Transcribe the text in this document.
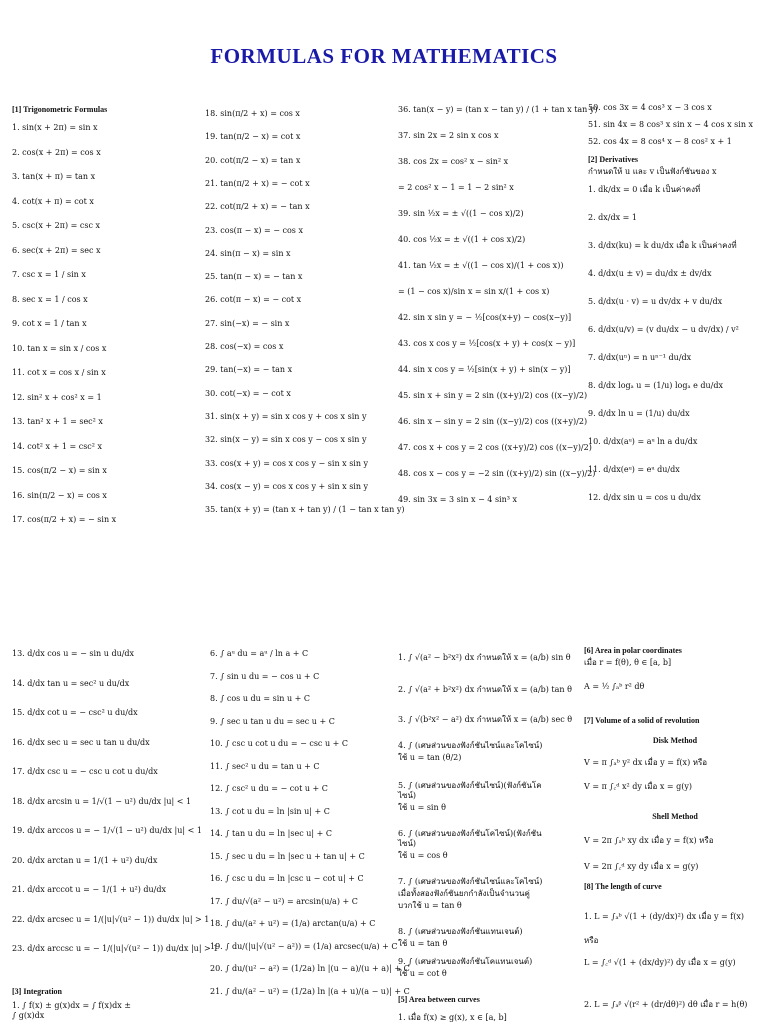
FORMULAS FOR MATHEMATICS
[1] Trigonometric Formulas
1. sin(x + 2π) = sin x
2. cos(x + 2π) = cos x
3. tan(x + π) = tan x
4. cot(x + π) = cot x
5. csc(x + 2π) = csc x
6. sec(x + 2π) = sec x
7. csc x = 1 / sin x
8. sec x = 1 / cos x
9. cot x = 1 / tan x
10. tan x = sin x / cos x
11. cot x = cos x / sin x
12. sin² x + cos² x = 1
13. tan² x + 1 = sec² x
14. cot² x + 1 = csc² x
15. cos(π/2 − x) = sin x
16. sin(π/2 − x) = cos x
17. cos(π/2 + x) = − sin x
18. sin(π/2 + x) = cos x
19. tan(π/2 − x) = cot x
20. cot(π/2 − x) = tan x
21. tan(π/2 + x) = − cot x
22. cot(π/2 + x) = − tan x
23. cos(π − x) = − cos x
24. sin(π − x) = sin x
25. tan(π − x) = − tan x
26. cot(π − x) = − cot x
27. sin(−x) = − sin x
28. cos(−x) = cos x
29. tan(−x) = − tan x
30. cot(−x) = − cot x
31. sin(x + y) = sin x cos y + cos x sin y
32. sin(x − y) = sin x cos y − cos x sin y
33. cos(x + y) = cos x cos y − sin x sin y
34. cos(x − y) = cos x cos y + sin x sin y
35. tan(x + y) = (tan x + tan y) / (1 − tan x tan y)
36. tan(x − y) = (tan x − tan y) / (1 + tan x tan y)
37. sin 2x = 2 sin x cos x
38. cos 2x = cos² x − sin² x
= 2 cos² x − 1 = 1 − 2 sin² x
39. sin ½x = ± √((1 − cos x)/2)
40. cos ½x = ± √((1 + cos x)/2)
41. tan ½x = ± √((1 − cos x)/(1 + cos x))
= (1 − cos x)/sin x = sin x/(1 + cos x)
42. sin x sin y = − ½[cos(x+y) − cos(x−y)]
43. cos x cos y = ½[cos(x + y) + cos(x − y)]
44. sin x cos y = ½[sin(x + y) + sin(x − y)]
45. sin x + sin y = 2 sin ((x+y)/2) cos ((x−y)/2)
46. sin x − sin y = 2 sin ((x−y)/2) cos ((x+y)/2)
47. cos x + cos y = 2 cos ((x+y)/2) cos ((x−y)/2)
48. cos x − cos y = −2 sin ((x+y)/2) sin ((x−y)/2)
49. sin 3x = 3 sin x − 4 sin³ x
50. cos 3x = 4 cos³ x − 3 cos x
51. sin 4x = 8 cos³ x sin x − 4 cos x sin x
52. cos 4x = 8 cos⁴ x − 8 cos² x + 1
[2] Derivatives
กำหนดให้ u และ v เป็นฟังก์ชันของ x
1. dk/dx = 0 เมื่อ k เป็นค่าคงที่
2. dx/dx = 1
3. d/dx(ku) = k du/dx เมื่อ k เป็นค่าคงที่
4. d/dx(u ± v) = du/dx ± dv/dx
5. d/dx(u · v) = u dv/dx + v du/dx
6. d/dx(u/v) = (v du/dx − u dv/dx) / v²
7. d/dx(uⁿ) = n uⁿ⁻¹ du/dx
8. d/dx logₐ u = (1/u) logₐ e du/dx
9. d/dx ln u = (1/u) du/dx
10. d/dx(aᵘ) = aᵘ ln a du/dx
11. d/dx(eᵘ) = eᵘ du/dx
12. d/dx sin u = cos u du/dx
13. d/dx cos u = − sin u du/dx
14. d/dx tan u = sec² u du/dx
15. d/dx cot u = − csc² u du/dx
16. d/dx sec u = sec u tan u du/dx
17. d/dx csc u = − csc u cot u du/dx
18. d/dx arcsin u = 1/√(1 − u²) du/dx |u| < 1
19. d/dx arccos u = − 1/√(1 − u²) du/dx |u| < 1
20. d/dx arctan u = 1/(1 + u²) du/dx
21. d/dx arccot u = − 1/(1 + u²) du/dx
22. d/dx arcsec u = 1/(|u|√(u² − 1)) du/dx |u| > 1
23. d/dx arccsc u = − 1/(|u|√(u² − 1)) du/dx |u| > 1
[3] Integration
1. ∫ f(x) ± g(x)dx = ∫ f(x)dx ±
∫ g(x)dx
6. ∫ aᵘ du = aᵘ / ln a + C
7. ∫ sin u du = − cos u + C
8. ∫ cos u du = sin u + C
9. ∫ sec u tan u du = sec u + C
10. ∫ csc u cot u du = − csc u + C
11. ∫ sec² u du = tan u + C
12. ∫ csc² u du = − cot u + C
13. ∫ cot u du = ln |sin u| + C
14. ∫ tan u du = ln |sec u| + C
15. ∫ sec u du = ln |sec u + tan u| + C
16. ∫ csc u du = ln |csc u − cot u| + C
17. ∫ du/√(a² − u²) = arcsin(u/a) + C
18. ∫ du/(a² + u²) = (1/a) arctan(u/a) + C
19. ∫ du/(|u|√(u² − a²)) = (1/a) arcsec(u/a) + C
20. ∫ du/(u² − a²) = (1/2a) ln |(u − a)/(u + a)| + C
21. ∫ du/(a² − u²) = (1/2a) ln |(a + u)/(a − u)| + C
1. ∫ √(a² − b²x²) dx กำหนดให้ x = (a/b) sin θ
2. ∫ √(a² + b²x²) dx กำหนดให้ x = (a/b) tan θ
3. ∫ √(b²x² − a²) dx กำหนดให้ x = (a/b) sec θ
4. ∫ (เศษส่วนของฟังก์ชันไซน์และโคไซน์)
ใช้ u = tan (θ/2)
5. ∫ (เศษส่วนของฟังก์ชันไซน์)(ฟังก์ชันโค
ไซน์)
ใช้ u = sin θ
6. ∫ (เศษส่วนของฟังก์ชันโคไซน์)(ฟังก์ชัน
ไซน์)
ใช้ u = cos θ
7. ∫ (เศษส่วนของฟังก์ชันไซน์และโคไซน์)
เมื่อทั้งสองฟังก์ชันยกกำลังเป็นจำนวนคู่
บวกใช้ u = tan θ
8. ∫ (เศษส่วนของฟังก์ชันแทนเจนต์)
ใช้ u = tan θ
9. ∫ (เศษส่วนของฟังก์ชันโคแทนเจนต์)
ใช้ u = cot θ
[5] Area between curves
1. เมื่อ f(x) ≥ g(x), x ∈ [a, b]
[6] Area in polar coordinates
เมื่อ r = f(θ), θ ∈ [a, b]
A = ½ ∫ₐᵇ r² dθ
[7] Volume of a solid of revolution
Disk Method
V = π ∫ₐᵇ y² dx เมื่อ y = f(x) หรือ
V = π ∫꜀ᵈ x² dy เมื่อ x = g(y)
Shell Method
V = 2π ∫ₐᵇ xy dx เมื่อ y = f(x) หรือ
V = 2π ∫꜀ᵈ xy dy เมื่อ x = g(y)
[8] The length of curve
1. L = ∫ₐᵇ √(1 + (dy/dx)²) dx เมื่อ y = f(x)
หรือ
L = ∫꜀ᵈ √(1 + (dx/dy)²) dy เมื่อ x = g(y)
2. L = ∫ₐᵝ √(r² + (dr/dθ)²) dθ เมื่อ r = h(θ)
